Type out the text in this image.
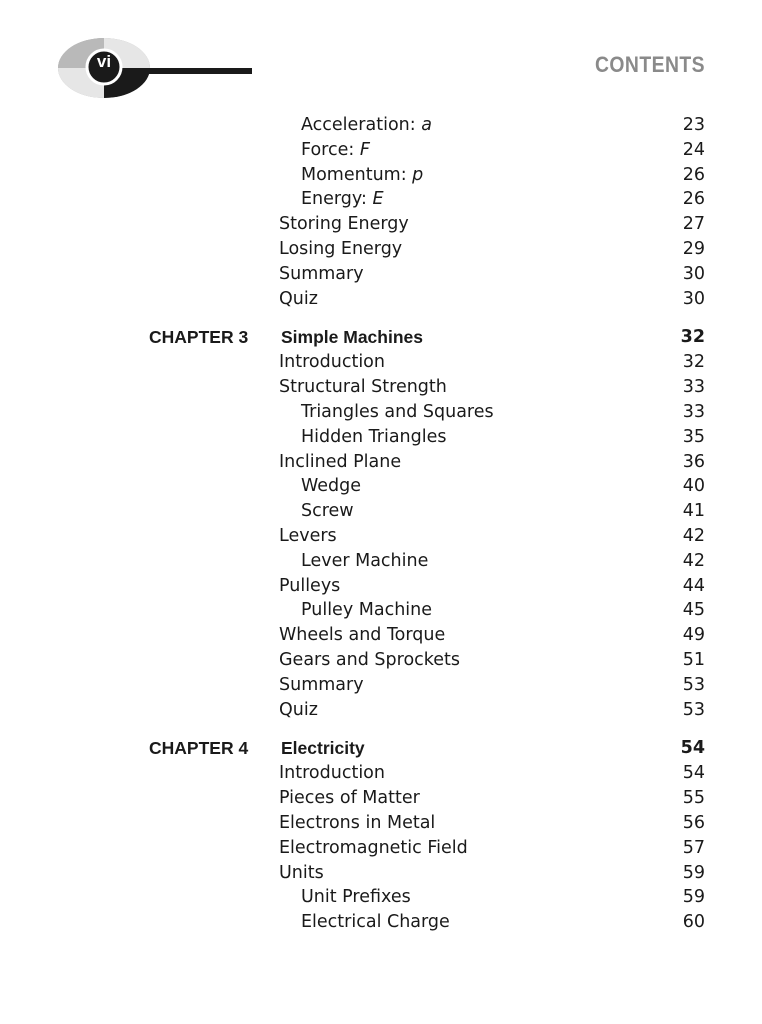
vi	CONTENTS
Acceleration: a	23
Force: F	24
Momentum: p	26
Energy: E	26
Storing Energy	27
Losing Energy	29
Summary	30
Quiz	30
CHAPTER 3 Simple Machines	32
Introduction	32
Structural Strength	33
Triangles and Squares	33
Hidden Triangles	35
Inclined Plane	36
Wedge	40
Screw	41
Levers	42
Lever Machine	42
Pulleys	44
Pulley Machine	45
Wheels and Torque	49
Gears and Sprockets	51
Summary	53
Quiz	53
CHAPTER 4 Electricity	54
Introduction	54
Pieces of Matter	55
Electrons in Metal	56
Electromagnetic Field	57
Units	59
Unit Prefixes	59
Electrical Charge	60
